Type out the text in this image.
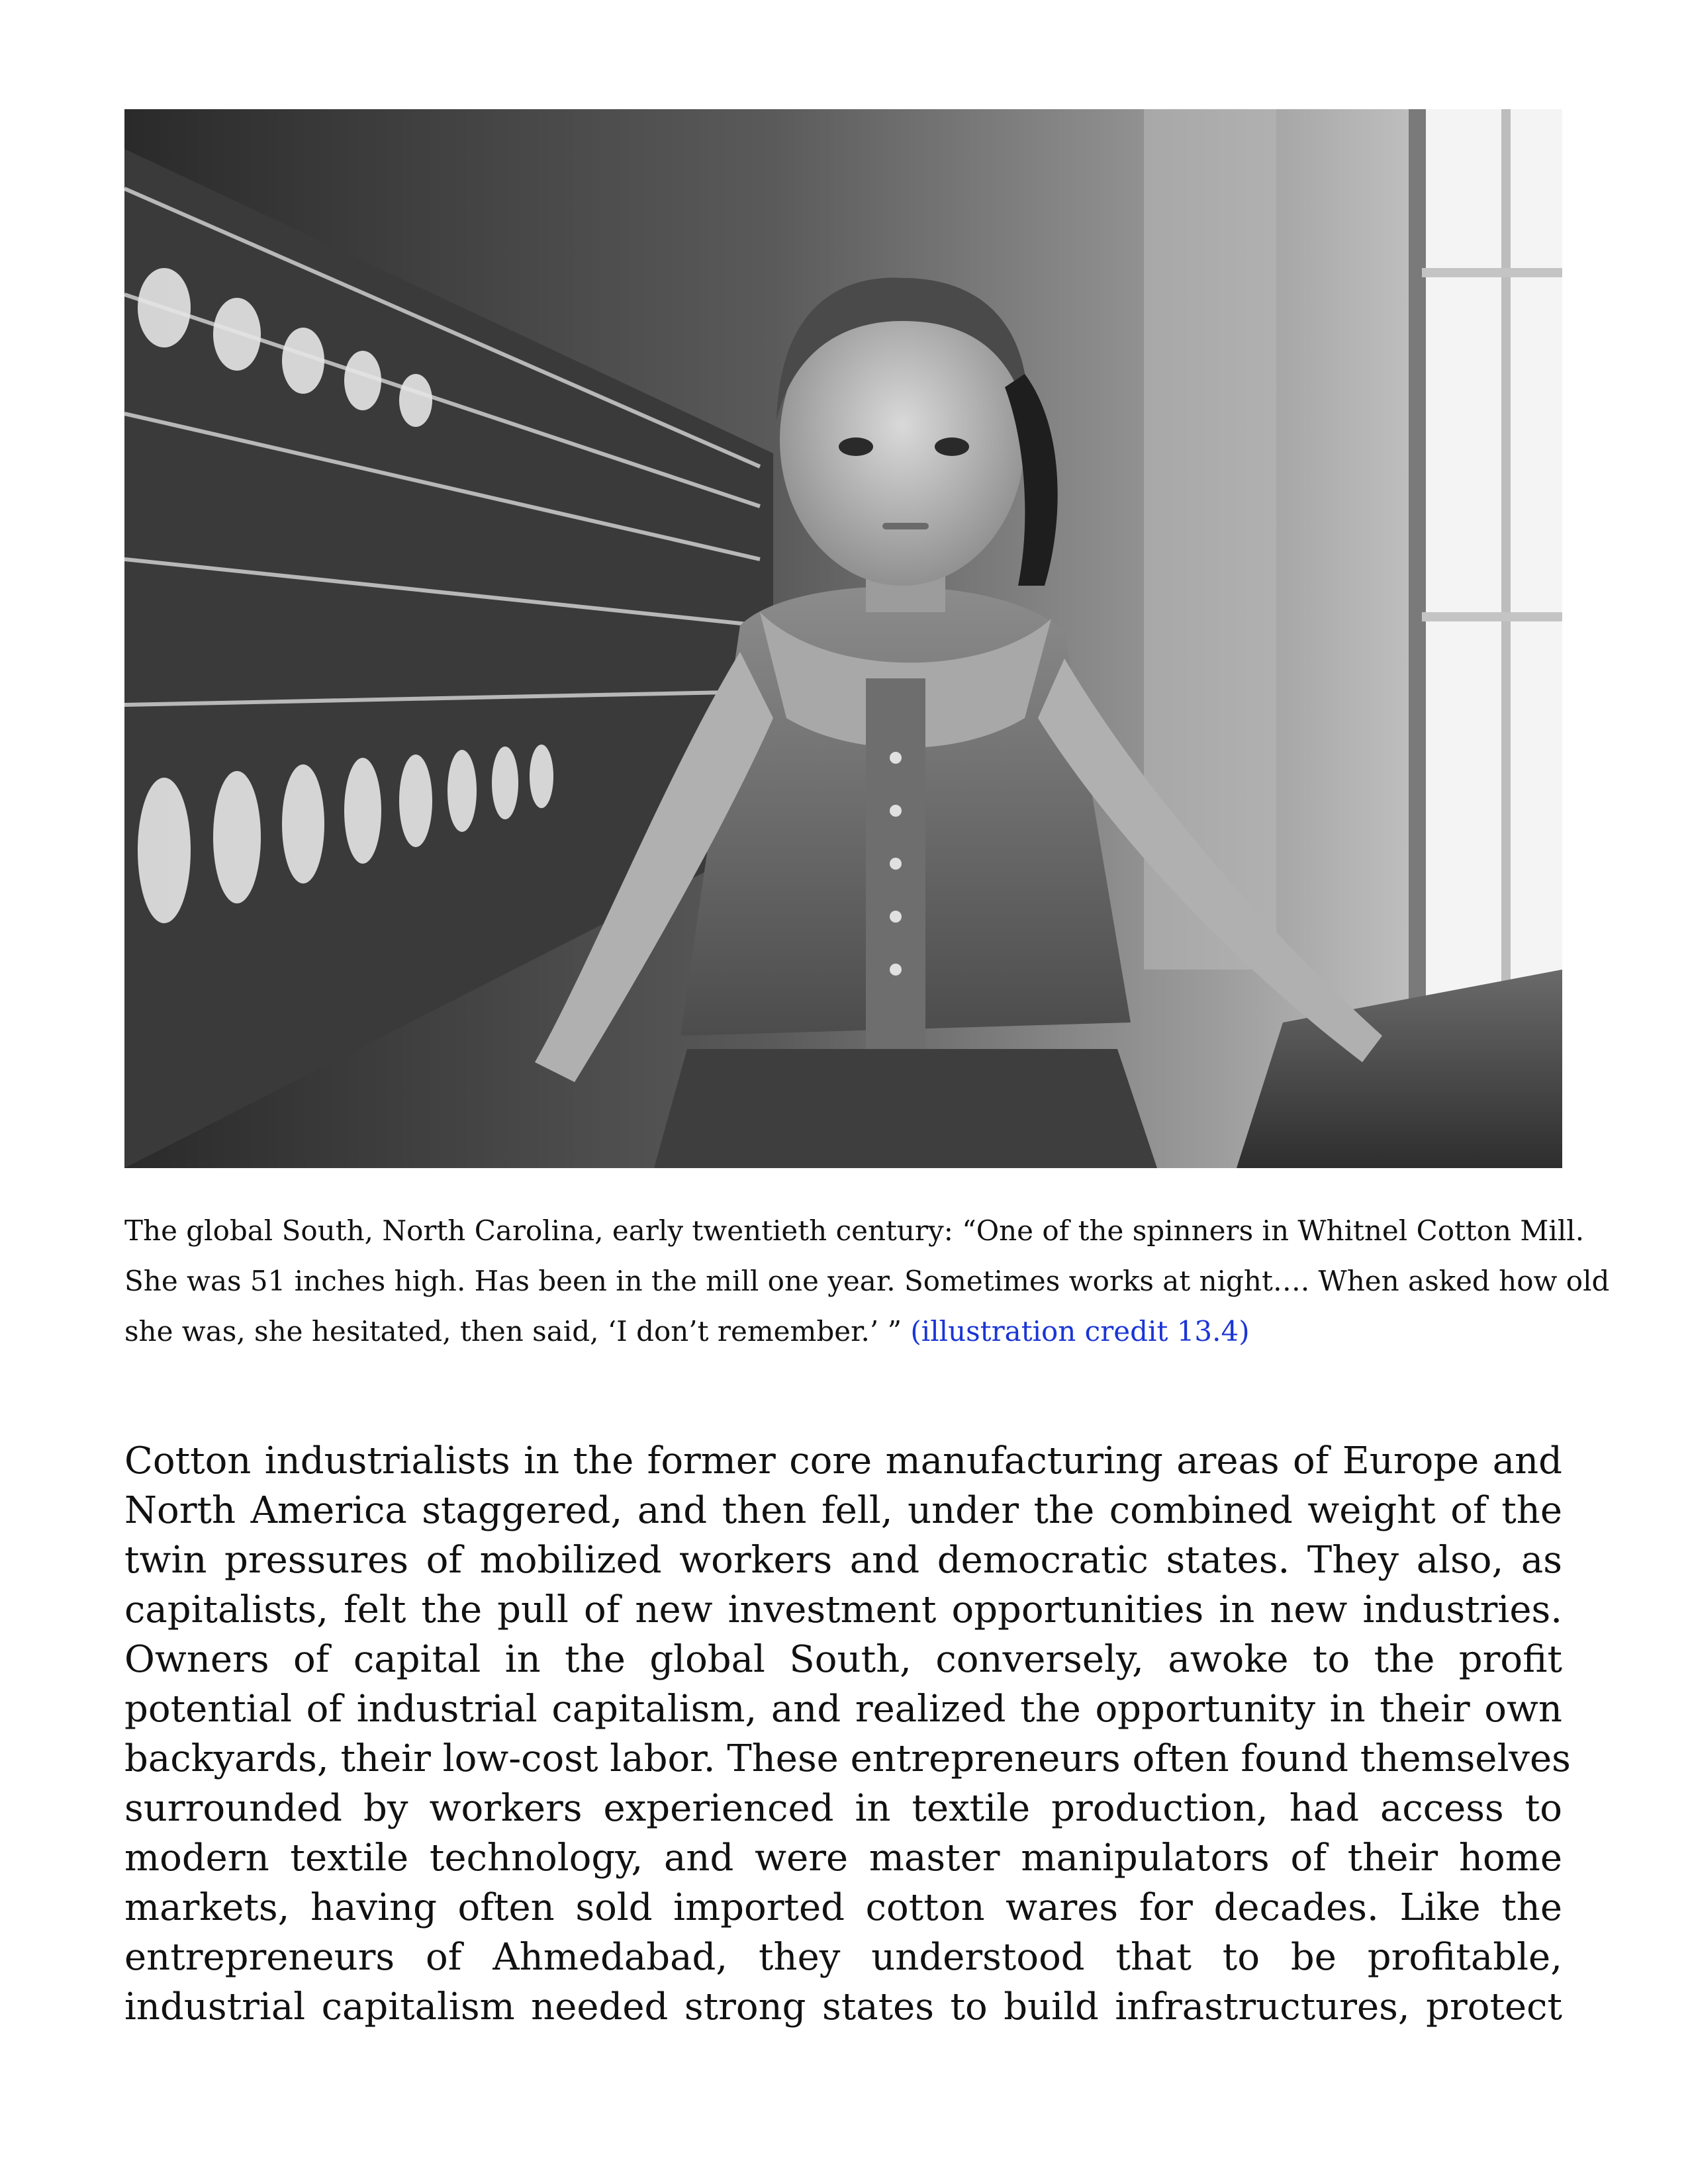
The global South, North Carolina, early twentieth century: “One of the spinners in Whitnel Cotton Mill.
She was 51 inches high. Has been in the mill one year. Sometimes works at night…. When asked how old
she was, she hesitated, then said, ‘I don’t remember.’ ” (illustration credit 13.4)

Cotton industrialists in the former core manufacturing areas of Europe and
North America staggered, and then fell, under the combined weight of the
twin pressures of mobilized workers and democratic states. They also, as
capitalists, felt the pull of new investment opportunities in new industries.
Owners of capital in the global South, conversely, awoke to the profit
potential of industrial capitalism, and realized the opportunity in their own
backyards, their low-cost labor. These entrepreneurs often found themselves
surrounded by workers experienced in textile production, had access to
modern textile technology, and were master manipulators of their home
markets, having often sold imported cotton wares for decades. Like the
entrepreneurs of Ahmedabad, they understood that to be profitable,
industrial capitalism needed strong states to build infrastructures, protect
